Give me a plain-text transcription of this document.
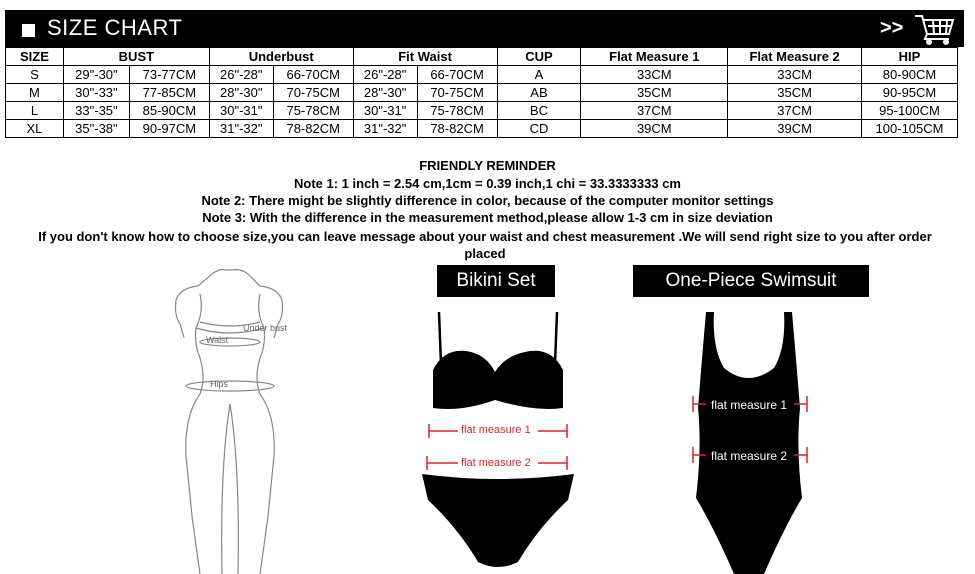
SIZE CHART	>>
SIZE	BUST		Underbust		Fit Waist		CUP	Flat Measure 1	Flat Measure 2	HIP
S	29"-30"	73-77CM	26"-28"	66-70CM	26"-28"	66-70CM	A	33CM	33CM	80-90CM
M	30"-33"	77-85CM	28"-30"	70-75CM	28"-30"	70-75CM	AB	35CM	35CM	90-95CM
L	33"-35"	85-90CM	30"-31"	75-78CM	30"-31"	75-78CM	BC	37CM	37CM	95-100CM
XL	35"-38"	90-97CM	31"-32"	78-82CM	31"-32"	78-82CM	CD	39CM	39CM	100-105CM
FRIENDLY REMINDER
Note 1: 1 inch = 2.54 cm,1cm = 0.39 inch,1 chi = 33.3333333 cm
Note 2: There might be slightly difference in color, because of the computer monitor settings
Note 3: With the difference in the measurement method,please allow 1-3 cm in size deviation
If you don't know how to choose size,you can leave message about your waist and chest measurement .We will send right size to you after order placed
Under bust
Waist
Hips
Bikini Set
flat measure 1
flat measure 2
One-Piece Swimsuit
flat measure 1
flat measure 2
